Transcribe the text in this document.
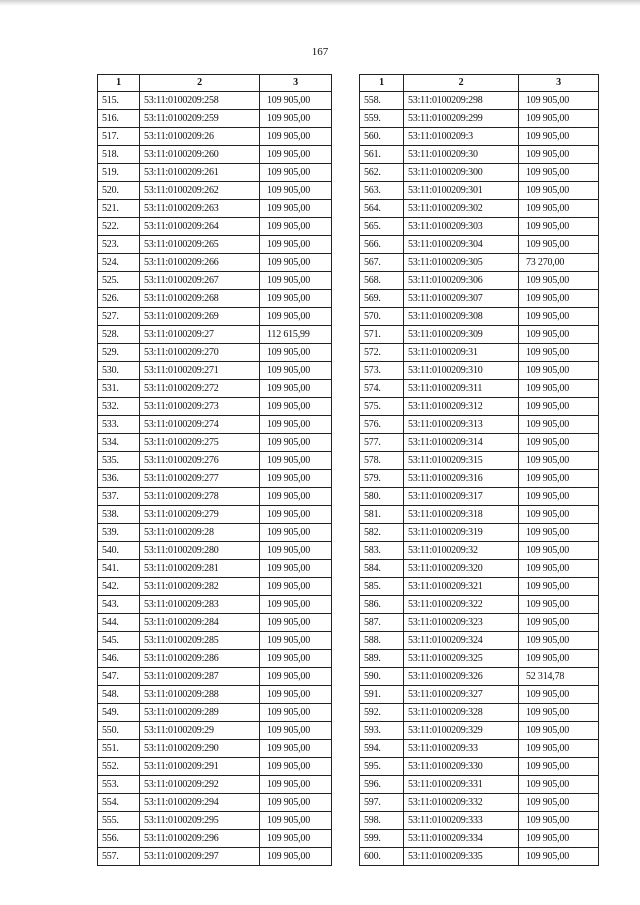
167
1	2	3
515.	53:11:0100209:258	109 905,00
516.	53:11:0100209:259	109 905,00
517.	53:11:0100209:26	109 905,00
518.	53:11:0100209:260	109 905,00
519.	53:11:0100209:261	109 905,00
520.	53:11:0100209:262	109 905,00
521.	53:11:0100209:263	109 905,00
522.	53:11:0100209:264	109 905,00
523.	53:11:0100209:265	109 905,00
524.	53:11:0100209:266	109 905,00
525.	53:11:0100209:267	109 905,00
526.	53:11:0100209:268	109 905,00
527.	53:11:0100209:269	109 905,00
528.	53:11:0100209:27	112 615,99
529.	53:11:0100209:270	109 905,00
530.	53:11:0100209:271	109 905,00
531.	53:11:0100209:272	109 905,00
532.	53:11:0100209:273	109 905,00
533.	53:11:0100209:274	109 905,00
534.	53:11:0100209:275	109 905,00
535.	53:11:0100209:276	109 905,00
536.	53:11:0100209:277	109 905,00
537.	53:11:0100209:278	109 905,00
538.	53:11:0100209:279	109 905,00
539.	53:11:0100209:28	109 905,00
540.	53:11:0100209:280	109 905,00
541.	53:11:0100209:281	109 905,00
542.	53:11:0100209:282	109 905,00
543.	53:11:0100209:283	109 905,00
544.	53:11:0100209:284	109 905,00
545.	53:11:0100209:285	109 905,00
546.	53:11:0100209:286	109 905,00
547.	53:11:0100209:287	109 905,00
548.	53:11:0100209:288	109 905,00
549.	53:11:0100209:289	109 905,00
550.	53:11:0100209:29	109 905,00
551.	53:11:0100209:290	109 905,00
552.	53:11:0100209:291	109 905,00
553.	53:11:0100209:292	109 905,00
554.	53:11:0100209:294	109 905,00
555.	53:11:0100209:295	109 905,00
556.	53:11:0100209:296	109 905,00
557.	53:11:0100209:297	109 905,00
1	2	3
558.	53:11:0100209:298	109 905,00
559.	53:11:0100209:299	109 905,00
560.	53:11:0100209:3	109 905,00
561.	53:11:0100209:30	109 905,00
562.	53:11:0100209:300	109 905,00
563.	53:11:0100209:301	109 905,00
564.	53:11:0100209:302	109 905,00
565.	53:11:0100209:303	109 905,00
566.	53:11:0100209:304	109 905,00
567.	53:11:0100209:305	73 270,00
568.	53:11:0100209:306	109 905,00
569.	53:11:0100209:307	109 905,00
570.	53:11:0100209:308	109 905,00
571.	53:11:0100209:309	109 905,00
572.	53:11:0100209:31	109 905,00
573.	53:11:0100209:310	109 905,00
574.	53:11:0100209:311	109 905,00
575.	53:11:0100209:312	109 905,00
576.	53:11:0100209:313	109 905,00
577.	53:11:0100209:314	109 905,00
578.	53:11:0100209:315	109 905,00
579.	53:11:0100209:316	109 905,00
580.	53:11:0100209:317	109 905,00
581.	53:11:0100209:318	109 905,00
582.	53:11:0100209:319	109 905,00
583.	53:11:0100209:32	109 905,00
584.	53:11:0100209:320	109 905,00
585.	53:11:0100209:321	109 905,00
586.	53:11:0100209:322	109 905,00
587.	53:11:0100209:323	109 905,00
588.	53:11:0100209:324	109 905,00
589.	53:11:0100209:325	109 905,00
590.	53:11:0100209:326	52 314,78
591.	53:11:0100209:327	109 905,00
592.	53:11:0100209:328	109 905,00
593.	53:11:0100209:329	109 905,00
594.	53:11:0100209:33	109 905,00
595.	53:11:0100209:330	109 905,00
596.	53:11:0100209:331	109 905,00
597.	53:11:0100209:332	109 905,00
598.	53:11:0100209:333	109 905,00
599.	53:11:0100209:334	109 905,00
600.	53:11:0100209:335	109 905,00
